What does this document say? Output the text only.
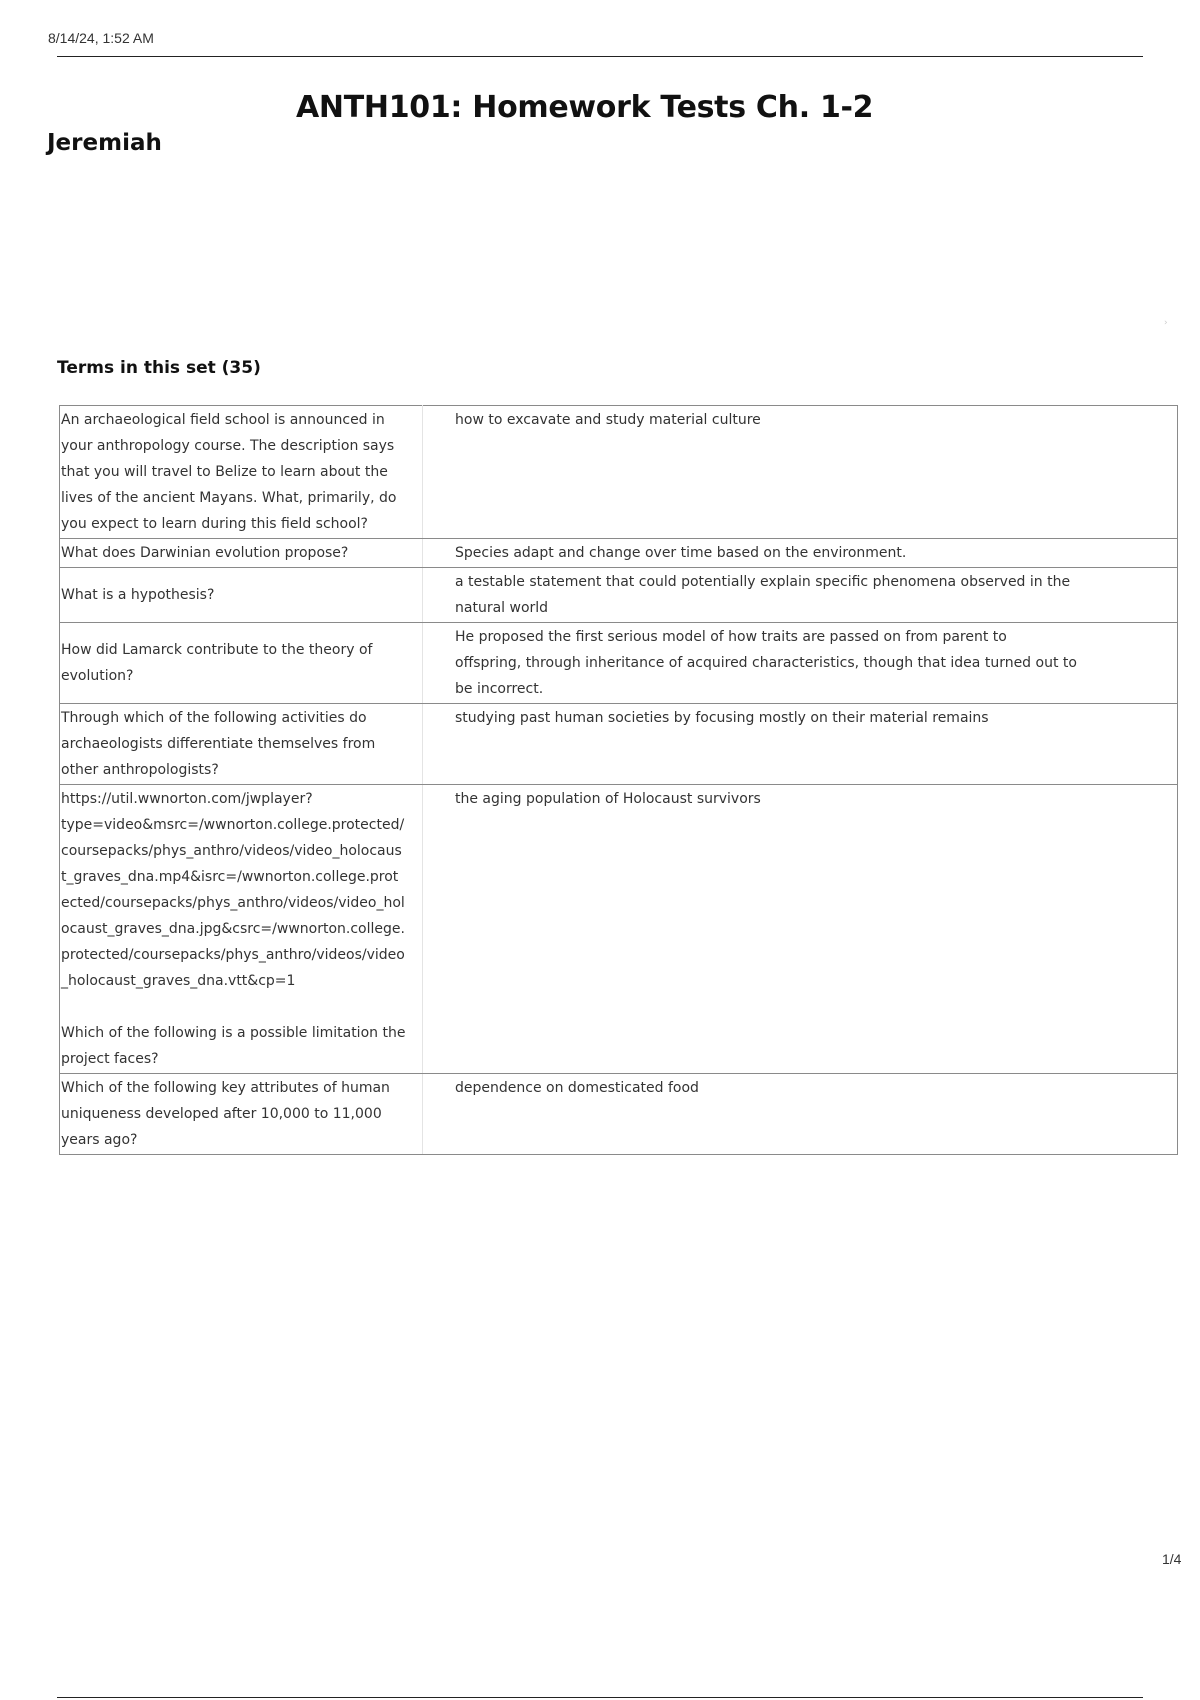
8/14/24, 1:52 AM
ANTH101: Homework Tests Ch. 1-2
Jeremiah
›
Terms in this set (35)
An archaeological field school is announced in your anthropology course. The description says that you will travel to Belize to learn about the lives of the ancient Mayans. What, primarily, do you expect to learn during this field school?	how to excavate and study material culture
What does Darwinian evolution propose?	Species adapt and change over time based on the environment.
What is a hypothesis?	a testable statement that could potentially explain specific phenomena observed in the natural world
How did Lamarck contribute to the theory of evolution?	He proposed the first serious model of how traits are passed on from parent to offspring, through inheritance of acquired characteristics, though that idea turned out to be incorrect.
Through which of the following activities do archaeologists differentiate themselves from other anthropologists?	studying past human societies by focusing mostly on their material remains
https://util.wwnorton.com/jwplayer?type=video&msrc=/wwnorton.college.protected/coursepacks/phys_anthro/videos/video_holocaust_graves_dna.mp4&isrc=/wwnorton.college.protected/coursepacks/phys_anthro/videos/video_holocaust_graves_dna.jpg&csrc=/wwnorton.college.protected/coursepacks/phys_anthro/videos/video_holocaust_graves_dna.vtt&cp=1

Which of the following is a possible limitation the project faces?	the aging population of Holocaust survivors
Which of the following key attributes of human uniqueness developed after 10,000 to 11,000 years ago?	dependence on domesticated food
1/4
